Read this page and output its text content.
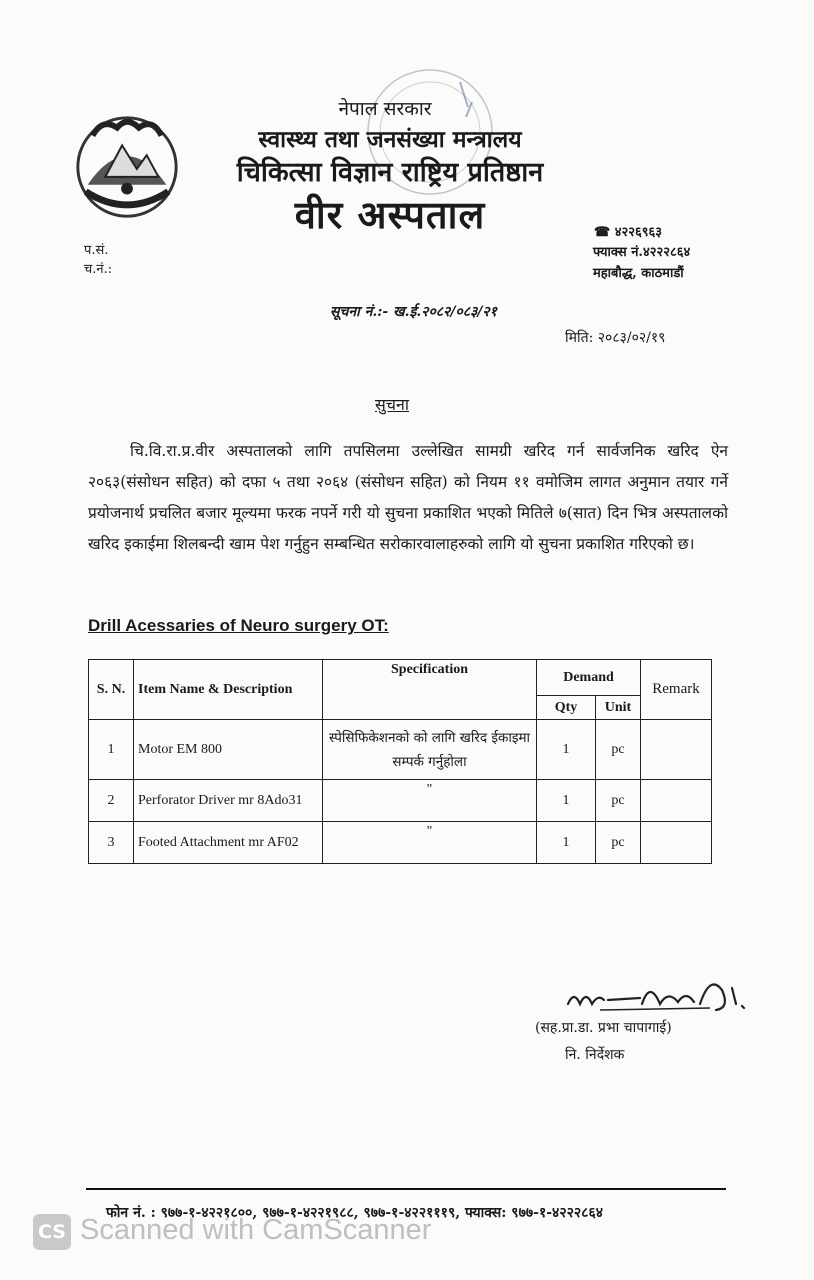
नेपाल सरकार
स्वास्थ्य तथा जनसंख्या मन्त्रालय
चिकित्सा विज्ञान राष्ट्रिय प्रतिष्ठान
वीर अस्पताल
प.सं.
च.नं.:
☎ ४२२६९६३
फ्याक्स नं.४२२२८६४
महाबौद्ध, काठमाडौं
सूचना नं.:- ख.ई.२०८२/०८३/२१
मिति: २०८३/०२/१९
सुचना
चि.वि.रा.प्र.वीर अस्पतालको लागि तपसिलमा उल्लेखित सामग्री खरिद गर्न सार्वजनिक खरिद ऐन २०६३(संसोधन सहित) को दफा ५ तथा २०६४ (संसोधन सहित) को नियम ११ वमोजिम लागत अनुमान तयार गर्ने प्रयोजनार्थ प्रचलित बजार मूल्यमा फरक नपर्ने गरी यो सुचना प्रकाशित भएको मितिले ७(सात) दिन भित्र अस्पतालको खरिद इकाईमा शिलबन्दी खाम पेश गर्नुहुन सम्बन्धित सरोकारवालाहरुको लागि यो सुचना प्रकाशित गरिएको छ।
Drill Acessaries of Neuro surgery OT:
S. N.	Item Name & Description	Specification	Demand		Remark
			Qty	Unit	
1	Motor EM 800	स्पेसिफिकेशनको को लागि खरिद ईकाइमा सम्पर्क गर्नुहोला	1	pc	
2	Perforator Driver mr 8Ado31	"	1	pc	
3	Footed Attachment mr AF02	"	1	pc	
(सह.प्रा.डा. प्रभा चापागाई)
नि. निर्देशक
फोन नं. : ९७७-१-४२२१८००, ९७७-१-४२२१९८८, ९७७-१-४२२१११९, फ्याक्स: ९७७-१-४२२२८६४
CS Scanned with CamScanner
